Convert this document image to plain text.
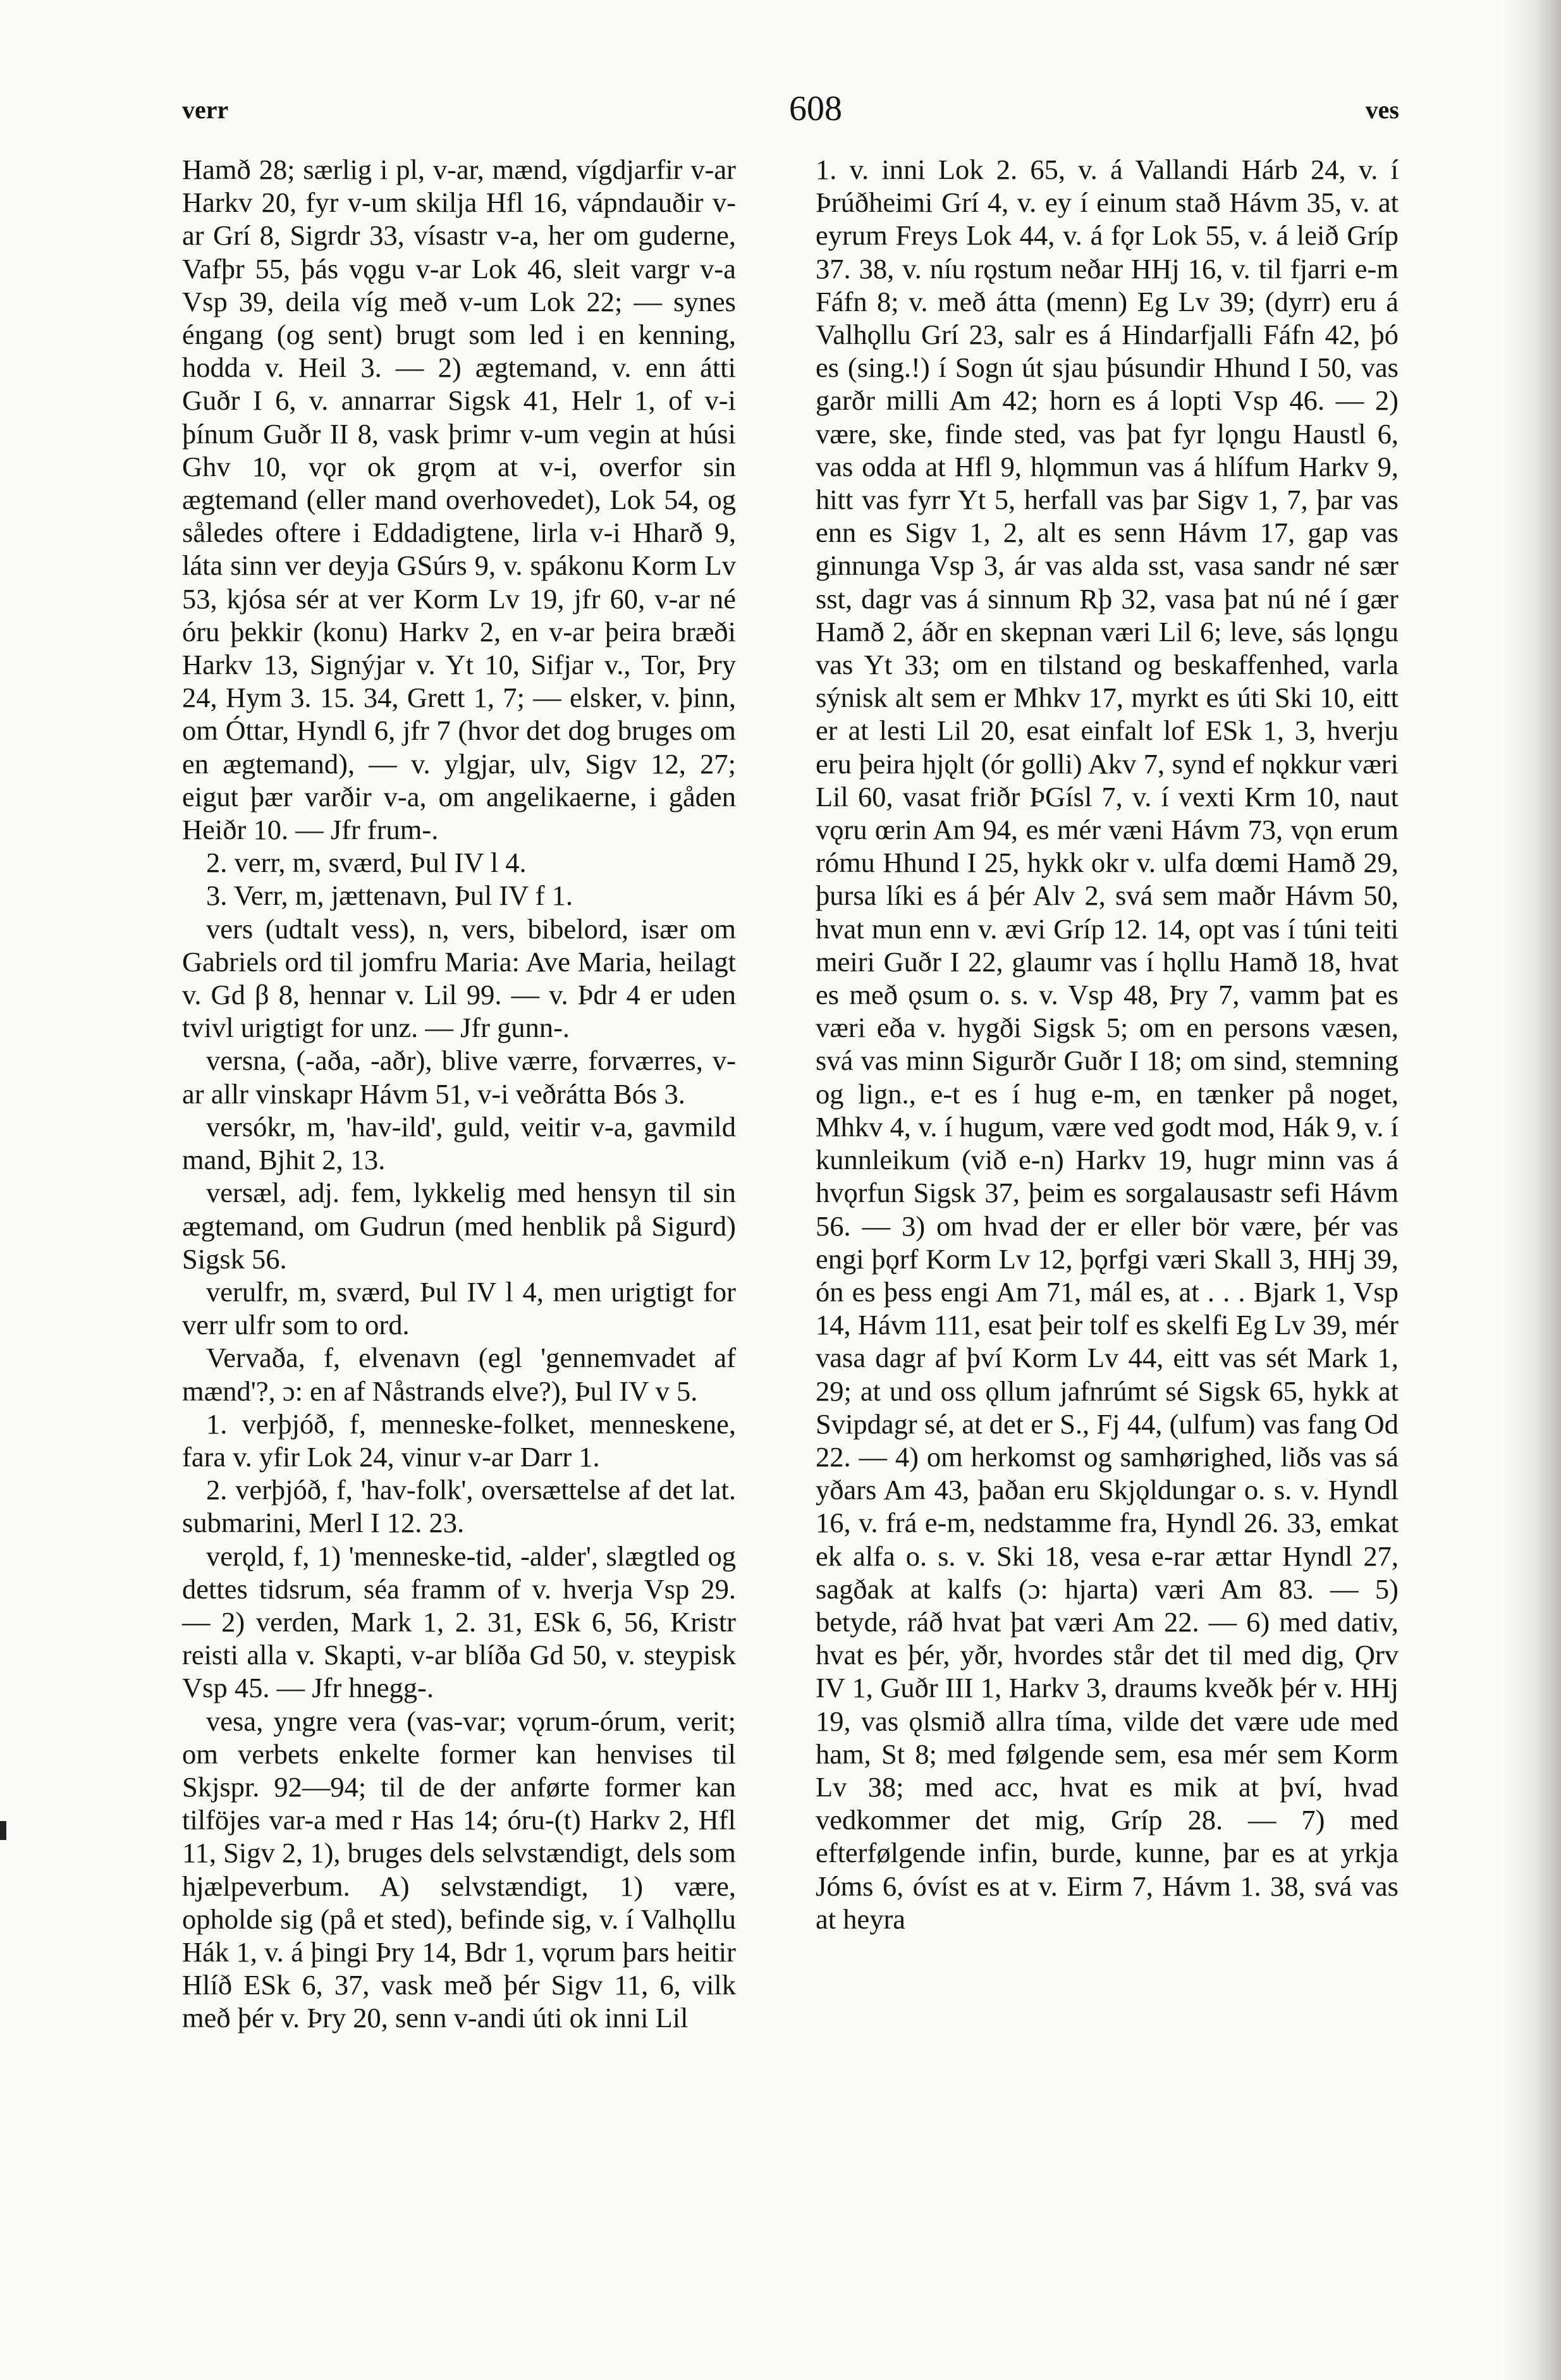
verr	608	ves

Hamð 28; særlig i pl, v-ar, mænd, vígdjarfir v-ar Harkv 20, fyr v-um skilja Hfl 16, vápndauðir v-ar Grí 8, Sigrdr 33, vísastr v-a, her om guderne, Vafþr 55, þás vǫgu v-ar Lok 46, sleit vargr v-a Vsp 39, deila víg með v-um Lok 22; — synes éngang (og sent) brugt som led i en kenning, hodda v. Heil 3. — 2) ægtemand, v. enn átti Guðr I 6, v. annarrar Sigsk 41, Helr 1, of v-i þínum Guðr II 8, vask þrimr v-um vegin at húsi Ghv 10, vǫr ok grǫm at v-i, overfor sin ægtemand (eller mand overhovedet), Lok 54, og således oftere i Eddadigtene, lirla v-i Hharð 9, láta sinn ver deyja GSúrs 9, v. spákonu Korm Lv 53, kjósa sér at ver Korm Lv 19, jfr 60, v-ar né óru þekkir (konu) Harkv 2, en v-ar þeira bræði Harkv 13, Signýjar v. Yt 10, Sifjar v., Tor, Þry 24, Hym 3. 15. 34, Grett 1, 7; — elsker, v. þinn, om Óttar, Hyndl 6, jfr 7 (hvor det dog bruges om en ægtemand), — v. ylgjar, ulv, Sigv 12, 27; eigut þær varðir v-a, om angelikaerne, i gåden Heiðr 10. — Jfr frum-.

2. verr, m, sværd, Þul IV l 4.

3. Verr, m, jættenavn, Þul IV f 1.

vers (udtalt vess), n, vers, bibelord, især om Gabriels ord til jomfru Maria: Ave Maria, heilagt v. Gd β 8, hennar v. Lil 99. — v. Þdr 4 er uden tvivl urigtigt for unz. — Jfr gunn-.

versna, (-aða, -aðr), blive værre, forværres, v-ar allr vinskapr Hávm 51, v-i veðrátta Bós 3.

versókr, m, 'hav-ild', guld, veitir v-a, gavmild mand, Bjhit 2, 13.

versæl, adj. fem, lykkelig med hensyn til sin ægtemand, om Gudrun (med henblik på Sigurd) Sigsk 56.

verulfr, m, sværd, Þul IV l 4, men urigtigt for verr ulfr som to ord.

Vervaða, f, elvenavn (egl 'gennemvadet af mænd'?, ɔ: en af Nåstrands elve?), Þul IV v 5.

1. verþjóð, f, menneske-folket, menneskene, fara v. yfir Lok 24, vinur v-ar Darr 1.

2. verþjóð, f, 'hav-folk', oversættelse af det lat. submarini, Merl I 12. 23.

verǫld, f, 1) 'menneske-tid, -alder', slægtled og dettes tidsrum, séa framm of v. hverja Vsp 29. — 2) verden, Mark 1, 2. 31, ESk 6, 56, Kristr reisti alla v. Skapti, v-ar blíða Gd 50, v. steypisk Vsp 45. — Jfr hnegg-.

vesa, yngre vera (vas-var; vǫrum-órum, verit; om verbets enkelte former kan henvises til Skjspr. 92—94; til de der anførte former kan tilföjes var-a med r Has 14; óru-(t) Harkv 2, Hfl 11, Sigv 2, 1), bruges dels selvstændigt, dels som hjælpeverbum. A) selvstændigt, 1) være, opholde sig (på et sted), befinde sig, v. í Valhǫllu Hák 1, v. á þingi Þry 14, Bdr 1, vǫrum þars heitir Hlíð ESk 6, 37, vask með þér Sigv 11, 6, vilk með þér v. Þry 20, senn v-andi úti ok inni Lil

1. v. inni Lok 2. 65, v. á Vallandi Hárb 24, v. í Þrúðheimi Grí 4, v. ey í einum stað Hávm 35, v. at eyrum Freys Lok 44, v. á fǫr Lok 55, v. á leið Gríp 37. 38, v. níu rǫstum neðar HHj 16, v. til fjarri e-m Fáfn 8; v. með átta (menn) Eg Lv 39; (dyrr) eru á Valhǫllu Grí 23, salr es á Hindarfjalli Fáfn 42, þó es (sing.!) í Sogn út sjau þúsundir Hhund I 50, vas garðr milli Am 42; horn es á lopti Vsp 46. — 2) være, ske, finde sted, vas þat fyr lǫngu Haustl 6, vas odda at Hfl 9, hlǫmmun vas á hlífum Harkv 9, hitt vas fyrr Yt 5, herfall vas þar Sigv 1, 7, þar vas enn es Sigv 1, 2, alt es senn Hávm 17, gap vas ginnunga Vsp 3, ár vas alda sst, vasa sandr né sær sst, dagr vas á sinnum Rþ 32, vasa þat nú né í gær Hamð 2, áðr en skepnan væri Lil 6; leve, sás lǫngu vas Yt 33; om en tilstand og beskaffenhed, varla sýnisk alt sem er Mhkv 17, myrkt es úti Ski 10, eitt er at lesti Lil 20, esat einfalt lof ESk 1, 3, hverju eru þeira hjǫlt (ór golli) Akv 7, synd ef nǫkkur væri Lil 60, vasat friðr ÞGísl 7, v. í vexti Krm 10, naut vǫru œrin Am 94, es mér væni Hávm 73, vǫn erum rómu Hhund I 25, hykk okr v. ulfa dœmi Hamð 29, þursa líki es á þér Alv 2, svá sem maðr Hávm 50, hvat mun enn v. ævi Gríp 12. 14, opt vas í túni teiti meiri Guðr I 22, glaumr vas í hǫllu Hamð 18, hvat es með ǫsum o. s. v. Vsp 48, Þry 7, vamm þat es væri eða v. hygði Sigsk 5; om en persons væsen, svá vas minn Sigurðr Guðr I 18; om sind, stemning og lign., e-t es í hug e-m, en tænker på noget, Mhkv 4, v. í hugum, være ved godt mod, Hák 9, v. í kunnleikum (við e-n) Harkv 19, hugr minn vas á hvǫrfun Sigsk 37, þeim es sorgalausastr sefi Hávm 56. — 3) om hvad der er eller bör være, þér vas engi þǫrf Korm Lv 12, þǫrfgi væri Skall 3, HHj 39, ón es þess engi Am 71, mál es, at . . . Bjark 1, Vsp 14, Hávm 111, esat þeir tolf es skelfi Eg Lv 39, mér vasa dagr af því Korm Lv 44, eitt vas sét Mark 1, 29; at und oss ǫllum jafnrúmt sé Sigsk 65, hykk at Svipdagr sé, at det er S., Fj 44, (ulfum) vas fang Od 22. — 4) om herkomst og samhørighed, liðs vas sá yðars Am 43, þaðan eru Skjǫldungar o. s. v. Hyndl 16, v. frá e-m, nedstamme fra, Hyndl 26. 33, emkat ek alfa o. s. v. Ski 18, vesa e-rar ættar Hyndl 27, sagðak at kalfs (ɔ: hjarta) væri Am 83. — 5) betyde, ráð hvat þat væri Am 22. — 6) med dativ, hvat es þér, yðr, hvordes står det til med dig, Ǫrv IV 1, Guðr III 1, Harkv 3, draums kveðk þér v. HHj 19, vas ǫlsmið allra tíma, vilde det være ude med ham, St 8; med følgende sem, esa mér sem Korm Lv 38; med acc, hvat es mik at því, hvad vedkommer det mig, Gríp 28. — 7) med efterfølgende infin, burde, kunne, þar es at yrkja Jóms 6, óvíst es at v. Eirm 7, Hávm 1. 38, svá vas at heyra
